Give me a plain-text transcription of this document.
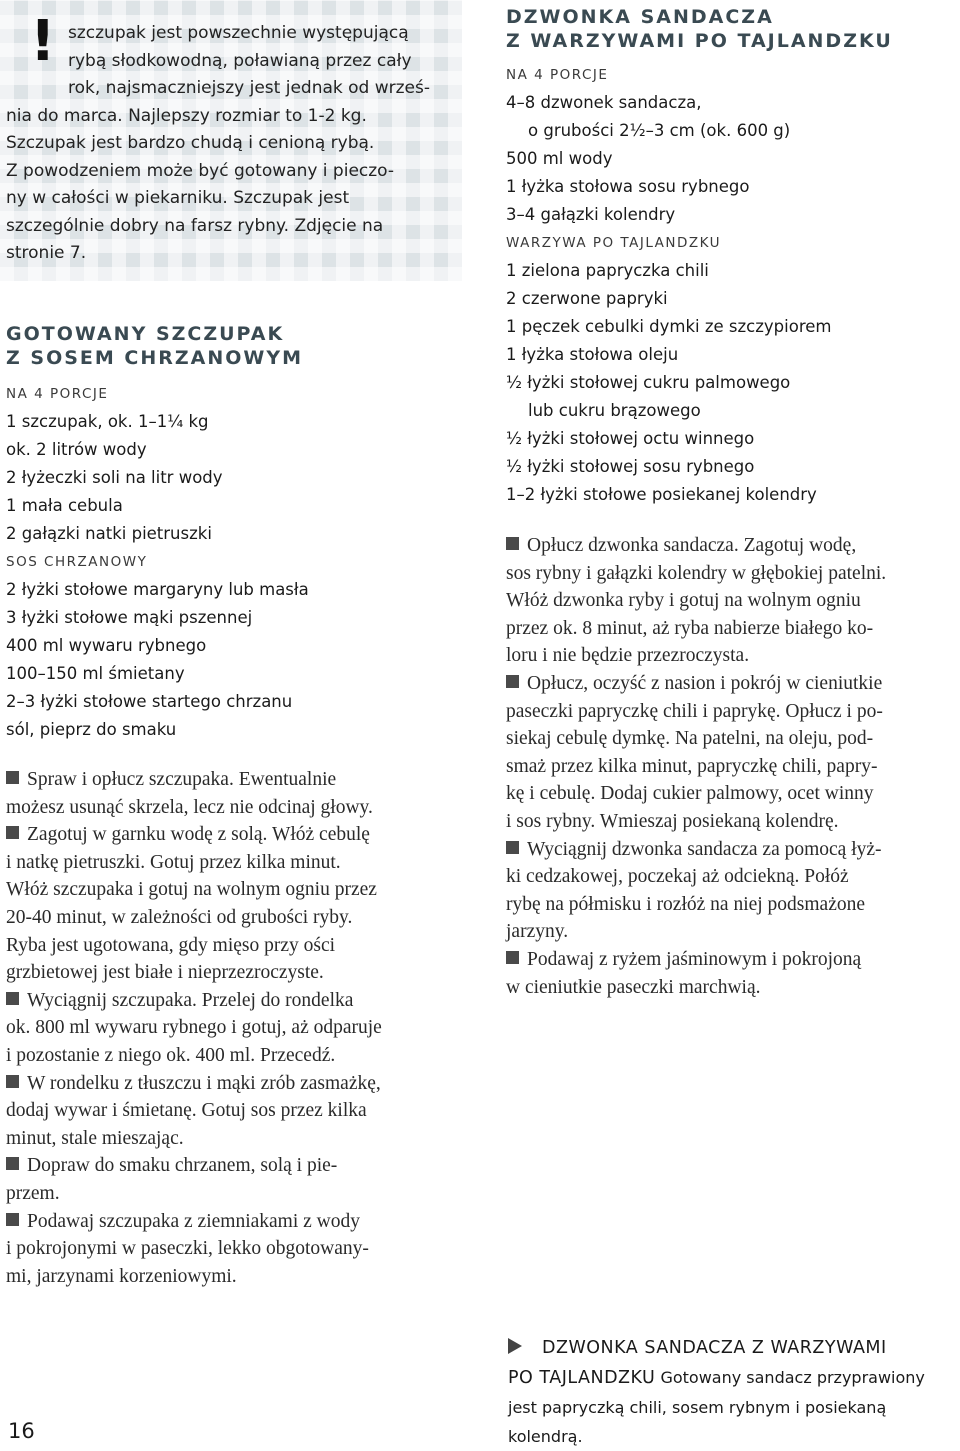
! szczupak jest powszechnie występującą
rybą słodkowodną, poławianą przez cały
rok, najsmaczniejszy jest jednak od wrześ-
nia do marca. Najlepszy rozmiar to 1-2 kg.
Szczupak jest bardzo chudą i cenioną rybą.
Z powodzeniem może być gotowany i pieczo-
ny w całości w piekarniku. Szczupak jest
szczególnie dobry na farsz rybny. Zdjęcie na
stronie 7.
GOTOWANY SZCZUPAK
Z SOSEM CHRZANOWYM
NA 4 PORCJE
1 szczupak, ok. 1–1¼ kg
ok. 2 litrów wody
2 łyżeczki soli na litr wody
1 mała cebula
2 gałązki natki pietruszki
SOS CHRZANOWY
2 łyżki stołowe margaryny lub masła
3 łyżki stołowe mąki pszennej
400 ml wywaru rybnego
100–150 ml śmietany
2–3 łyżki stołowe startego chrzanu
sól, pieprz do smaku

Spraw i opłucz szczupaka. Ewentualnie

możesz usunąć skrzela, lecz nie odcinaj głowy.

Zagotuj w garnku wodę z solą. Włóż cebulę

i natkę pietruszki. Gotuj przez kilka minut.

Włóż szczupaka i gotuj na wolnym ogniu przez

20-40 minut, w zależności od grubości ryby.

Ryba jest ugotowana, gdy mięso przy ości

grzbietowej jest białe i nieprzezroczyste.

Wyciągnij szczupaka. Przelej do rondelka

ok. 800 ml wywaru rybnego i gotuj, aż odparuje

i pozostanie z niego ok. 400 ml. Przecedź.

W rondelku z tłuszczu i mąki zrób zasmażkę,

dodaj wywar i śmietanę. Gotuj sos przez kilka

minut, stale mieszając.

Dopraw do smaku chrzanem, solą i pie-

przem.

Podawaj szczupaka z ziemniakami z wody

i pokrojonymi w paseczki, lekko obgotowany-

mi, jarzynami korzeniowymi.

DZWONKA SANDACZA
Z WARZYWAMI PO TAJLANDZKU
NA 4 PORCJE
4–8 dzwonek sandacza,
o grubości 2½–3 cm (ok. 600 g)
500 ml wody
1 łyżka stołowa sosu rybnego
3–4 gałązki kolendry
WARZYWA PO TAJLANDZKU
1 zielona papryczka chili
2 czerwone papryki
1 pęczek cebulki dymki ze szczypiorem
1 łyżka stołowa oleju
½ łyżki stołowej cukru palmowego
lub cukru brązowego
½ łyżki stołowej octu winnego
½ łyżki stołowej sosu rybnego
1–2 łyżki stołowe posiekanej kolendry

Opłucz dzwonka sandacza. Zagotuj wodę,

sos rybny i gałązki kolendry w głębokiej patelni.

Włóż dzwonka ryby i gotuj na wolnym ogniu

przez ok. 8 minut, aż ryba nabierze białego ko-

loru i nie będzie przezroczysta.

Opłucz, oczyść z nasion i pokrój w cieniutkie

paseczki papryczkę chili i paprykę. Opłucz i po-

siekaj cebulę dymkę. Na patelni, na oleju, pod-

smaż przez kilka minut, papryczkę chili, papry-

kę i cebulę. Dodaj cukier palmowy, ocet winny

i sos rybny. Wmieszaj posiekaną kolendrę.

Wyciągnij dzwonka sandacza za pomocą łyż-

ki cedzakowej, poczekaj aż odciekną. Połóż

rybę na półmisku i rozłóż na niej podsmażone

jarzyny.

Podawaj z ryżem jaśminowym i pokrojoną

w cieniutkie paseczki marchwią.

DZWONKA SANDACZA Z WARZYWAMI
PO TAJLANDZKU Gotowany sandacz przyprawiony
jest papryczką chili, sosem rybnym i posiekaną kolendrą.
16
